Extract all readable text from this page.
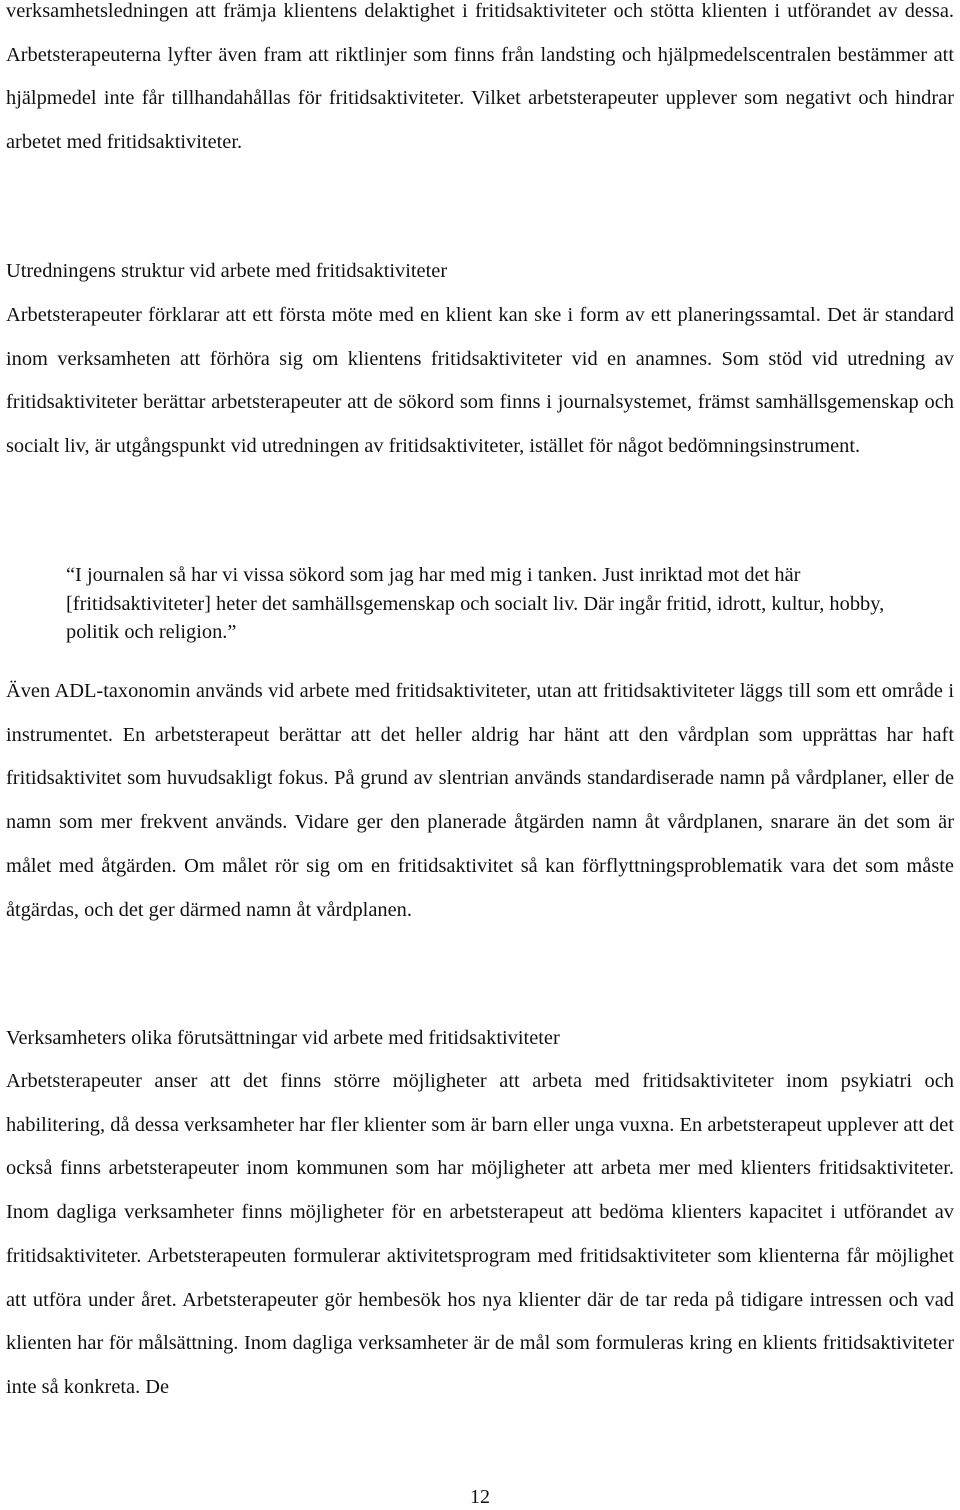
verksamhetsledningen att främja klientens delaktighet i fritidsaktiviteter och stötta klienten i utförandet av dessa. Arbetsterapeuterna lyfter även fram att riktlinjer som finns från landsting och hjälpmedelscentralen bestämmer att hjälpmedel inte får tillhandahållas för fritidsaktiviteter. Vilket arbetsterapeuter upplever som negativt och hindrar arbetet med fritidsaktiviteter.

Utredningens struktur vid arbete med fritidsaktiviteter

Arbetsterapeuter förklarar att ett första möte med en klient kan ske i form av ett planeringssamtal. Det är standard inom verksamheten att förhöra sig om klientens fritidsaktiviteter vid en anamnes. Som stöd vid utredning av fritidsaktiviteter berättar arbetsterapeuter att de sökord som finns i journalsystemet, främst samhällsgemenskap och socialt liv, är utgångspunkt vid utredningen av fritidsaktiviteter, istället för något bedömningsinstrument.

“I journalen så har vi vissa sökord som jag har med mig i tanken. Just inriktad mot det här [fritidsaktiviteter] heter det samhällsgemenskap och socialt liv. Där ingår fritid, idrott, kultur, hobby, politik och religion.”

Även ADL-taxonomin används vid arbete med fritidsaktiviteter, utan att fritidsaktiviteter läggs till som ett område i instrumentet. En arbetsterapeut berättar att det heller aldrig har hänt att den vårdplan som upprättas har haft fritidsaktivitet som huvudsakligt fokus. På grund av slentrian används standardiserade namn på vårdplaner, eller de namn som mer frekvent används. Vidare ger den planerade åtgärden namn åt vårdplanen, snarare än det som är målet med åtgärden. Om målet rör sig om en fritidsaktivitet så kan förflyttningsproblematik vara det som måste åtgärdas, och det ger därmed namn åt vårdplanen.

Verksamheters olika förutsättningar vid arbete med fritidsaktiviteter

Arbetsterapeuter anser att det finns större möjligheter att arbeta med fritidsaktiviteter inom psykiatri och habilitering, då dessa verksamheter har fler klienter som är barn eller unga vuxna. En arbetsterapeut upplever att det också finns arbetsterapeuter inom kommunen som har möjligheter att arbeta mer med klienters fritidsaktiviteter. Inom dagliga verksamheter finns möjligheter för en arbetsterapeut att bedöma klienters kapacitet i utförandet av fritidsaktiviteter. Arbetsterapeuten formulerar aktivitetsprogram med fritidsaktiviteter som klienterna får möjlighet att utföra under året. Arbetsterapeuter gör hembesök hos nya klienter där de tar reda på tidigare intressen och vad klienten har för målsättning. Inom dagliga verksamheter är de mål som formuleras kring en klients fritidsaktiviteter inte så konkreta. De

12
